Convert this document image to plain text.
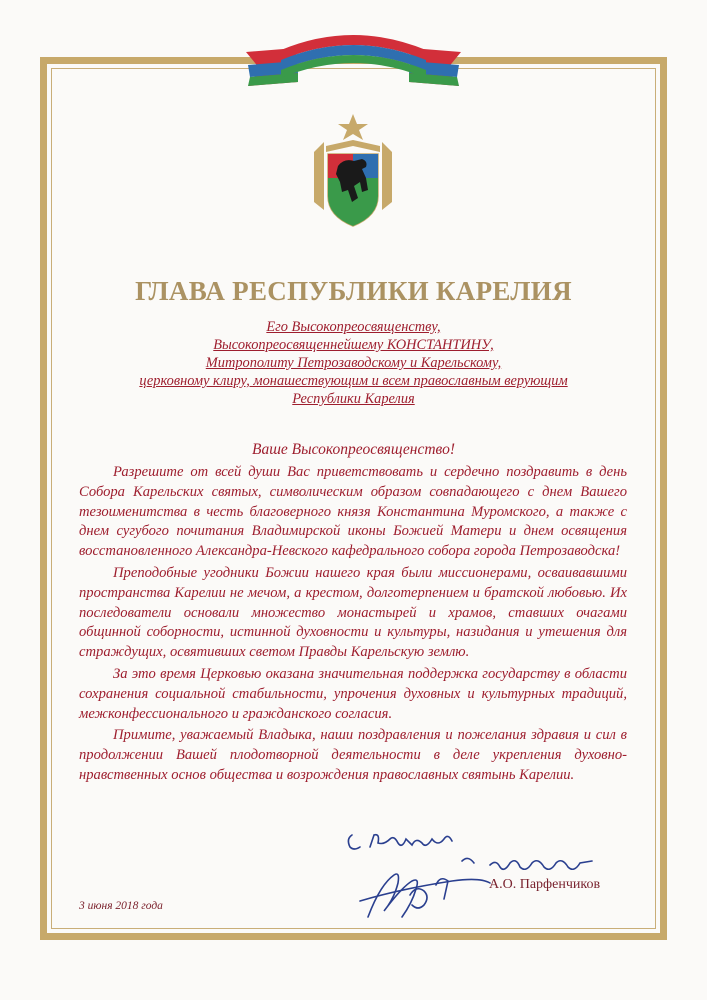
ГЛАВА РЕСПУБЛИКИ КАРЕЛИЯ
Его Высокопреосвященству,
Высокопреосвященнейшему КОНСТАНТИНУ,
Митрополиту Петрозаводскому и Карельскому,
церковному клиру, монашествующим и всем православным верующим
Республики Карелия
Ваше Высокопреосвященство!

Разрешите от всей души Вас приветствовать и сердечно поздравить в день Собора Карельских святых, символическим образом совпадающего с днем Вашего тезоименитства в честь благоверного князя Константина Муромского, а также с днем сугубого почитания Владимирской иконы Божией Матери и днем освящения восстановленного Александра-Невского кафедрального собора города Петрозаводска!

Преподобные угодники Божии нашего края были миссионерами, осваивавшими пространства Карелии не мечом, а крестом, долготерпением и братской любовью. Их последователи основали множество монастырей и храмов, ставших очагами общинной соборности, истинной духовности и культуры, назидания и утешения для страждущих, освятивших светом Правды Карельскую землю.

За это время Церковью оказана значительная поддержка государству в области сохранения социальной стабильности, упрочения духовных и культурных традиций, межконфессионального и гражданского согласия.

Примите, уважаемый Владыка, наши поздравления и пожелания здравия и сил в продолжении Вашей плодотворной деятельности в деле укрепления духовно-нравственных основ общества и возрождения православных святынь Карелии.

3 июня 2018 года
А.О. Парфенчиков
